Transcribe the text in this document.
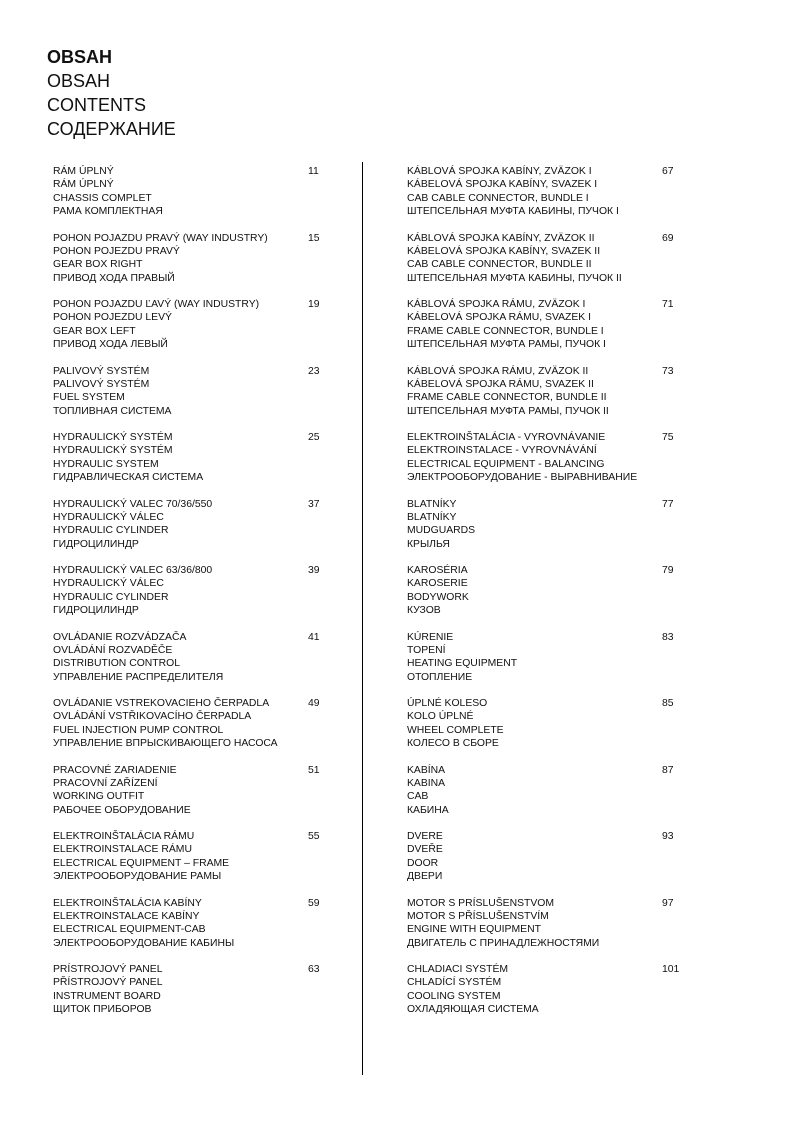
OBSAH
OBSAH
CONTENTS
СОДЕРЖАНИЕ
RÁM ÚPLNÝ
RÁM ÚPLNÝ
CHASSIS COMPLET
РАМА КОМПЛЕКТНАЯ
11
POHON POJAZDU PRAVÝ (WAY INDUSTRY)
POHON POJEZDU PRAVÝ
GEAR BOX RIGHT
ПРИВОД ХОДА ПРАВЫЙ
15
POHON POJAZDU ĽAVÝ (WAY INDUSTRY)
POHON POJEZDU LEVÝ
GEAR BOX LEFT
ПРИВОД ХОДА ЛЕВЫЙ
19
PALIVOVÝ SYSTÉM
PALIVOVÝ SYSTÉM
FUEL SYSTEM
ТОПЛИВНАЯ СИСТЕМА
23
HYDRAULICKÝ SYSTÉM
HYDRAULICKÝ SYSTÉM
HYDRAULIC SYSTEM
ГИДРАВЛИЧЕСКАЯ СИСТЕМА
25
HYDRAULICKÝ VALEC 70/36/550
HYDRAULICKÝ VÁLEC
HYDRAULIC CYLINDER
ГИДРОЦИЛИНДР
37
HYDRAULICKÝ VALEC 63/36/800
HYDRAULICKÝ VÁLEC
HYDRAULIC CYLINDER
ГИДРОЦИЛИНДР
39
OVLÁDANIE ROZVÁDZAČA
OVLÁDÁNÍ ROZVADĚČE
DISTRIBUTION CONTROL
УПРАВЛЕНИЕ РАСПРЕДЕЛИТЕЛЯ
41
OVLÁDANIE VSTREKOVACIEHO ČERPADLA
OVLÁDÁNÍ VSTŘIKOVACÍHO ČERPADLA
FUEL INJECTION PUMP CONTROL
УПРАВЛЕНИЕ ВПРЫСКИВАЮЩЕГО НАСОСА
49
PRACOVNÉ ZARIADENIE
PRACOVNÍ ZAŘÍZENÍ
WORKING OUTFIT
РАБОЧЕЕ ОБОРУДОВАНИЕ
51
ELEKTROINŠTALÁCIA RÁMU
ELEKTROINSTALACE RÁMU
ELECTRICAL EQUIPMENT – FRAME
ЭЛЕКТРООБОРУДОВАНИЕ РАМЫ
55
ELEKTROINŠTALÁCIA KABÍNY
ELEKTROINSTALACE KABÍNY
ELECTRICAL EQUIPMENT-CAB
ЭЛЕКТРООБОРУДОВАНИЕ КАБИНЫ
59
PRÍSTROJOVÝ PANEL
PŘÍSTROJOVÝ PANEL
INSTRUMENT BOARD
ЩИТОК ПРИБОРОВ
63
KÁBLOVÁ SPOJKA KABÍNY, ZVÄZOK I
KÁBELOVÁ SPOJKA KABÍNY, SVAZEK I
CAB CABLE CONNECTOR, BUNDLE I
ШТЕПСЕЛЬНАЯ МУФТА КАБИНЫ, ПУЧОК I
67
KÁBLOVÁ SPOJKA KABÍNY, ZVÄZOK II
KÁBELOVÁ SPOJKA KABÍNY, SVAZEK II
CAB CABLE CONNECTOR, BUNDLE II
ШТЕПСЕЛЬНАЯ МУФТА КАБИНЫ, ПУЧОК II
69
KÁBLOVÁ SPOJKA RÁMU, ZVÄZOK I
KÁBELOVÁ SPOJKA RÁMU, SVAZEK I
FRAME CABLE CONNECTOR, BUNDLE I
ШТЕПСЕЛЬНАЯ МУФТА РАМЫ, ПУЧОК I
71
KÁBLOVÁ SPOJKA RÁMU, ZVÄZOK II
KÁBELOVÁ SPOJKA RÁMU, SVAZEK II
FRAME CABLE CONNECTOR, BUNDLE II
ШТЕПСЕЛЬНАЯ МУФТА РАМЫ, ПУЧОК II
73
ELEKTROINŠTALÁCIA - VYROVNÁVANIE
ELEKTROINSTALACE - VYROVNÁVÁNÍ
ELECTRICAL EQUIPMENT - BALANCING
ЭЛЕКТРООБОРУДОВАНИЕ - ВЫРАВНИВАНИЕ
75
BLATNÍKY
BLATNÍKY
MUDGUARDS
КРЫЛЬЯ
77
KAROSÉRIA
KAROSERIE
BODYWORK
КУЗОВ
79
KÚRENIE
TOPENÍ
HEATING EQUIPMENT
ОТОПЛЕНИЕ
83
ÚPLNÉ KOLESO
KOLO ÚPLNÉ
WHEEL COMPLETE
КОЛЕСО В СБОРЕ
85
KABÍNA
KABINA
CAB
КАБИНА
87
DVERE
DVEŘE
DOOR
ДВЕРИ
93
MOTOR S PRÍSLUŠENSTVOM
MOTOR S PŘÍSLUŠENSTVÍM
ENGINE WITH EQUIPMENT
ДВИГАТЕЛЬ С ПРИНАДЛЕЖНОСТЯМИ
97
CHLADIACI SYSTÉM
CHLADÍCÍ SYSTÉM
COOLING SYSTEM
ОХЛАДЯЮЩАЯ СИСТЕМА
101
